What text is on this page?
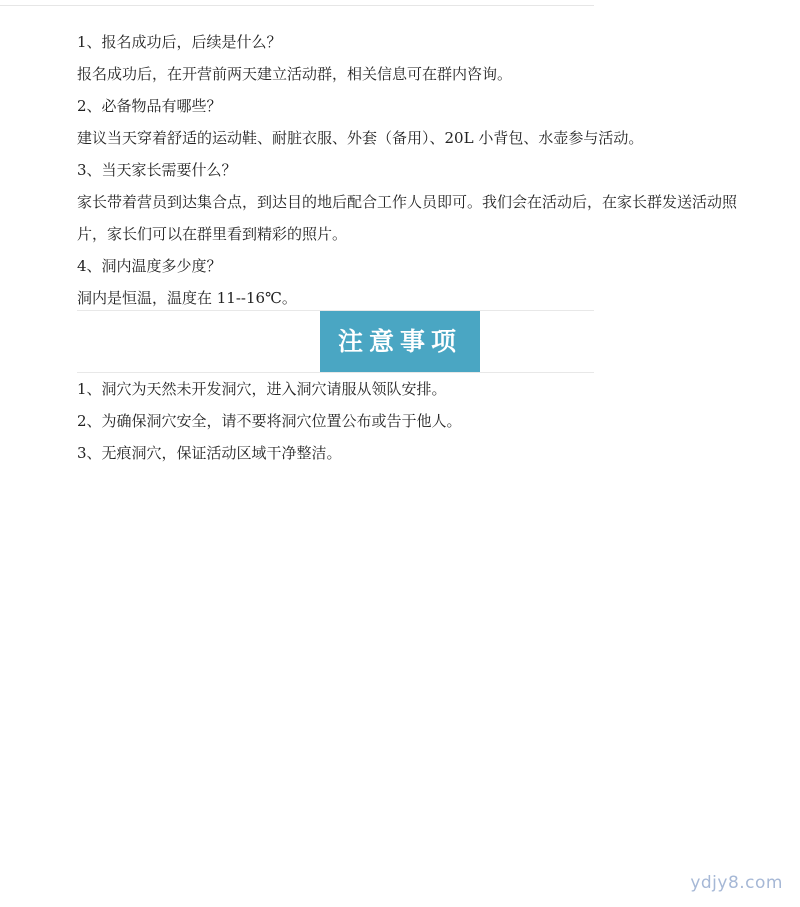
1、报名成功后，后续是什么？
报名成功后，在开营前两天建立活动群，相关信息可在群内咨询。
2、必备物品有哪些？
建议当天穿着舒适的运动鞋、耐脏衣服、外套（备用）、20L 小背包、水壶参与活动。
3、当天家长需要什么？
家长带着营员到达集合点，到达目的地后配合工作人员即可。我们会在活动后，在家长群发送活动照片，家长们可以在群里看到精彩的照片。
4、洞内温度多少度？
洞内是恒温，温度在 11--16℃。
注意事项
1、洞穴为天然未开发洞穴，进入洞穴请服从领队安排。
2、为确保洞穴安全，请不要将洞穴位置公布或告于他人。
3、无痕洞穴，保证活动区域干净整洁。
ydjy8.com
